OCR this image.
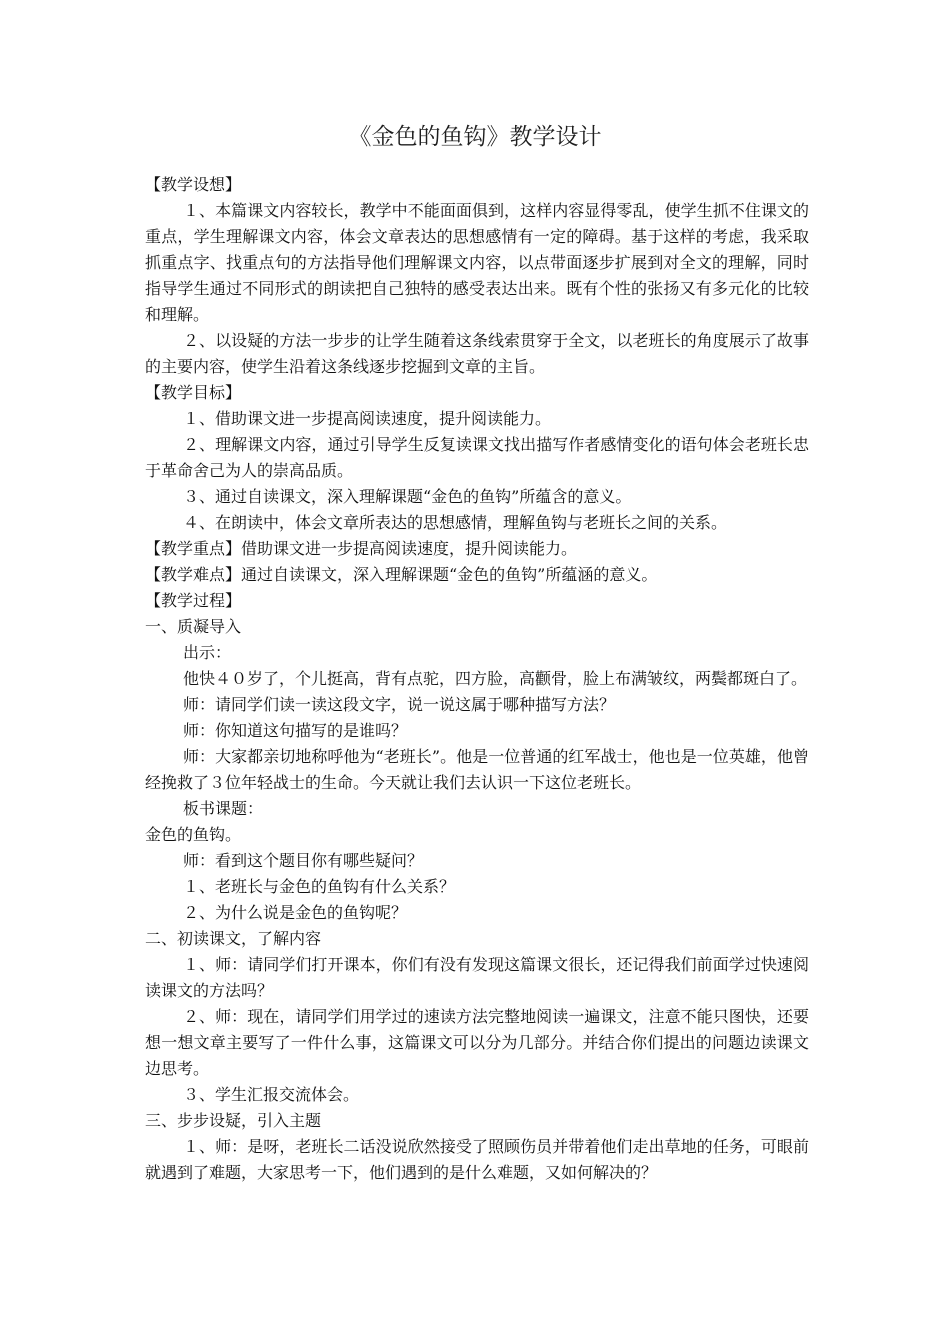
《金色的鱼钩》教学设计

【教学设想】

１、本篇课文内容较长，教学中不能面面俱到，这样内容显得零乱，使学生抓不住课文的重点，学生理解课文内容，体会文章表达的思想感情有一定的障碍。基于这样的考虑，我采取抓重点字、找重点句的方法指导他们理解课文内容，以点带面逐步扩展到对全文的理解，同时指导学生通过不同形式的朗读把自己独特的感受表达出来。既有个性的张扬又有多元化的比较和理解。

２、以设疑的方法一步步的让学生随着这条线索贯穿于全文，以老班长的角度展示了故事的主要内容，使学生沿着这条线逐步挖掘到文章的主旨。

【教学目标】

１、借助课文进一步提高阅读速度，提升阅读能力。

２、理解课文内容，通过引导学生反复读课文找出描写作者感情变化的语句体会老班长忠于革命舍己为人的崇高品质。

３、通过自读课文，深入理解课题“金色的鱼钩”所蕴含的意义。

４、在朗读中，体会文章所表达的思想感情，理解鱼钩与老班长之间的关系。

【教学重点】借助课文进一步提高阅读速度，提升阅读能力。

【教学难点】通过自读课文，深入理解课题“金色的鱼钩”所蕴涵的意义。

【教学过程】

一、质凝导入

出示：

他快４０岁了，个儿挺高，背有点驼，四方脸，高颧骨，脸上布满皱纹，两鬓都斑白了。

师：请同学们读一读这段文字，说一说这属于哪种描写方法？

师：你知道这句描写的是谁吗？

师：大家都亲切地称呼他为“老班长”。他是一位普通的红军战士，他也是一位英雄，他曾经挽救了３位年轻战士的生命。今天就让我们去认识一下这位老班长。

板书课题：

金色的鱼钩。

师：看到这个题目你有哪些疑问？

１、老班长与金色的鱼钩有什么关系？

２、为什么说是金色的鱼钩呢？

二、初读课文，了解内容

１、师：请同学们打开课本，你们有没有发现这篇课文很长，还记得我们前面学过快速阅读课文的方法吗？

２、师：现在，请同学们用学过的速读方法完整地阅读一遍课文，注意不能只图快，还要想一想文章主要写了一件什么事，这篇课文可以分为几部分。并结合你们提出的问题边读课文边思考。

３、学生汇报交流体会。

三、步步设疑，引入主题

１、师：是呀，老班长二话没说欣然接受了照顾伤员并带着他们走出草地的任务，可眼前就遇到了难题，大家思考一下，他们遇到的是什么难题，又如何解决的？
